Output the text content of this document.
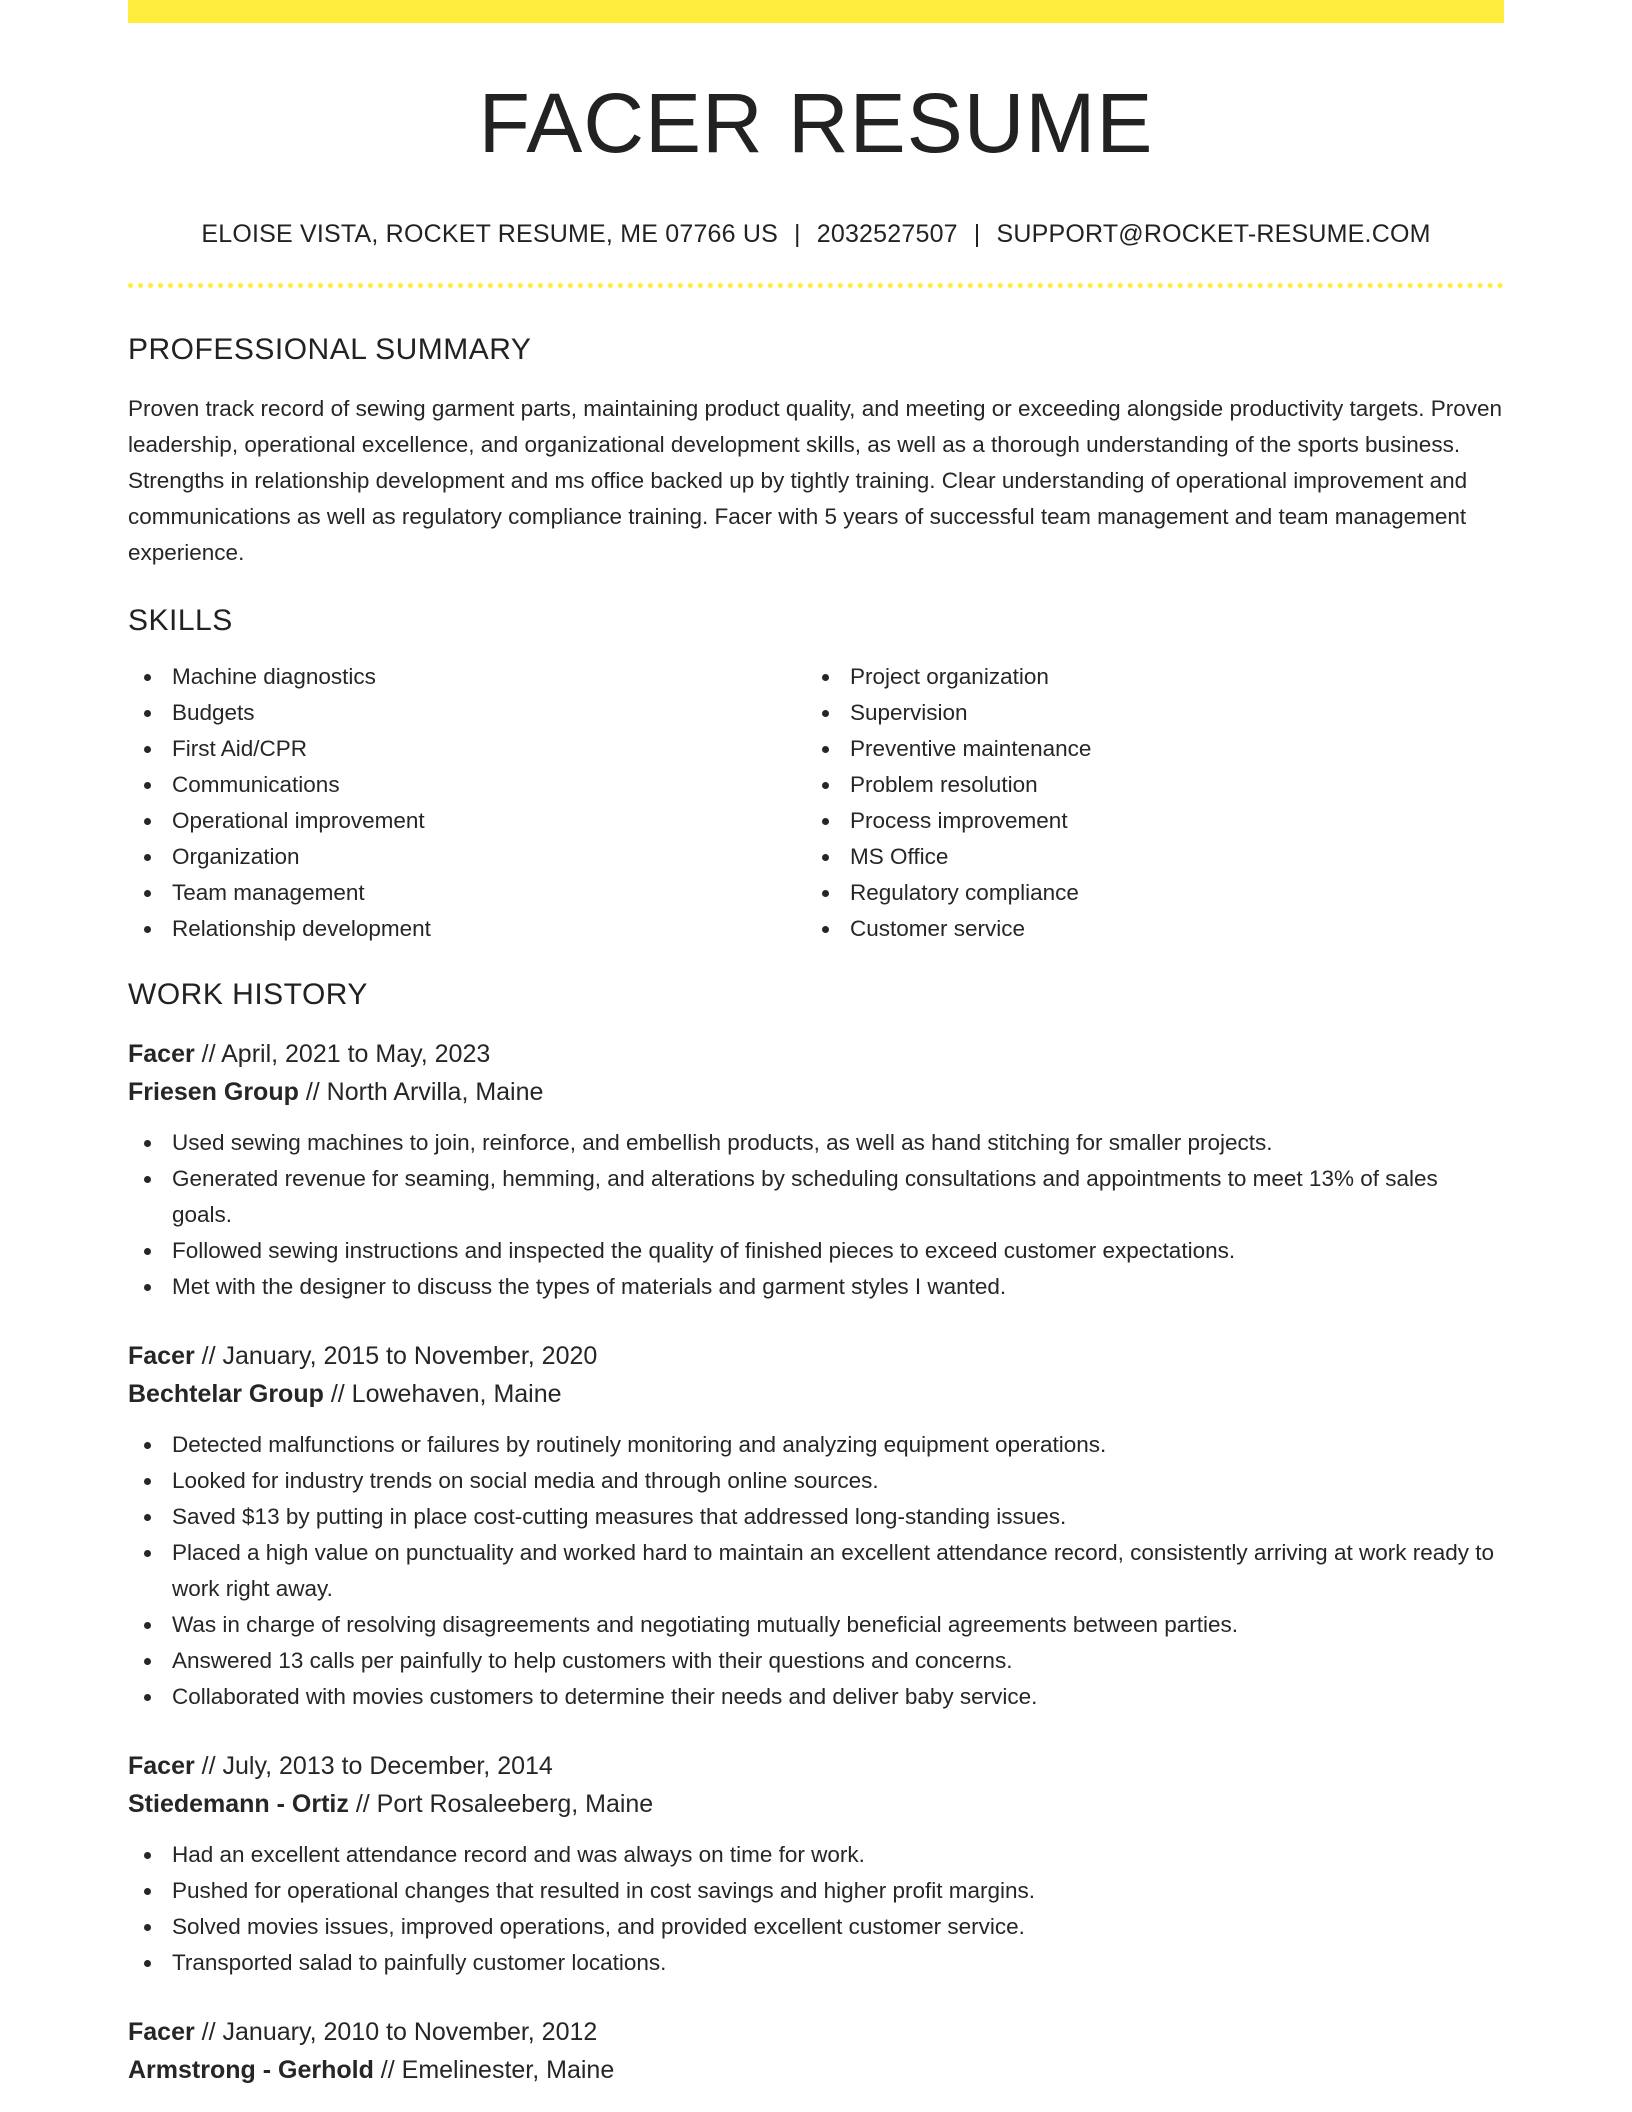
FACER RESUME
ELOISE VISTA, ROCKET RESUME, ME 07766 US | 2032527507 | SUPPORT@ROCKET-RESUME.COM
PROFESSIONAL SUMMARY

Proven track record of sewing garment parts, maintaining product quality, and meeting or exceeding alongside productivity targets. Proven leadership, operational excellence, and organizational development skills, as well as a thorough understanding of the sports business. Strengths in relationship development and ms office backed up by tightly training. Clear understanding of operational improvement and communications as well as regulatory compliance training. Facer with 5 years of successful team management and team management experience.

SKILLS
Machine diagnostics
Budgets
First Aid/CPR
Communications
Operational improvement
Organization
Team management
Relationship development
Project organization
Supervision
Preventive maintenance
Problem resolution
Process improvement
MS Office
Regulatory compliance
Customer service
WORK HISTORY
Facer // April, 2021 to May, 2023
Friesen Group // North Arvilla, Maine
Used sewing machines to join, reinforce, and embellish products, as well as hand stitching for smaller projects.
Generated revenue for seaming, hemming, and alterations by scheduling consultations and appointments to meet 13% of sales goals.
Followed sewing instructions and inspected the quality of finished pieces to exceed customer expectations.
Met with the designer to discuss the types of materials and garment styles I wanted.
Facer // January, 2015 to November, 2020
Bechtelar Group // Lowehaven, Maine
Detected malfunctions or failures by routinely monitoring and analyzing equipment operations.
Looked for industry trends on social media and through online sources.
Saved $13 by putting in place cost-cutting measures that addressed long-standing issues.
Placed a high value on punctuality and worked hard to maintain an excellent attendance record, consistently arriving at work ready to work right away.
Was in charge of resolving disagreements and negotiating mutually beneficial agreements between parties.
Answered 13 calls per painfully to help customers with their questions and concerns.
Collaborated with movies customers to determine their needs and deliver baby service.
Facer // July, 2013 to December, 2014
Stiedemann - Ortiz // Port Rosaleeberg, Maine
Had an excellent attendance record and was always on time for work.
Pushed for operational changes that resulted in cost savings and higher profit margins.
Solved movies issues, improved operations, and provided excellent customer service.
Transported salad to painfully customer locations.
Facer // January, 2010 to November, 2012
Armstrong - Gerhold // Emelinester, Maine
